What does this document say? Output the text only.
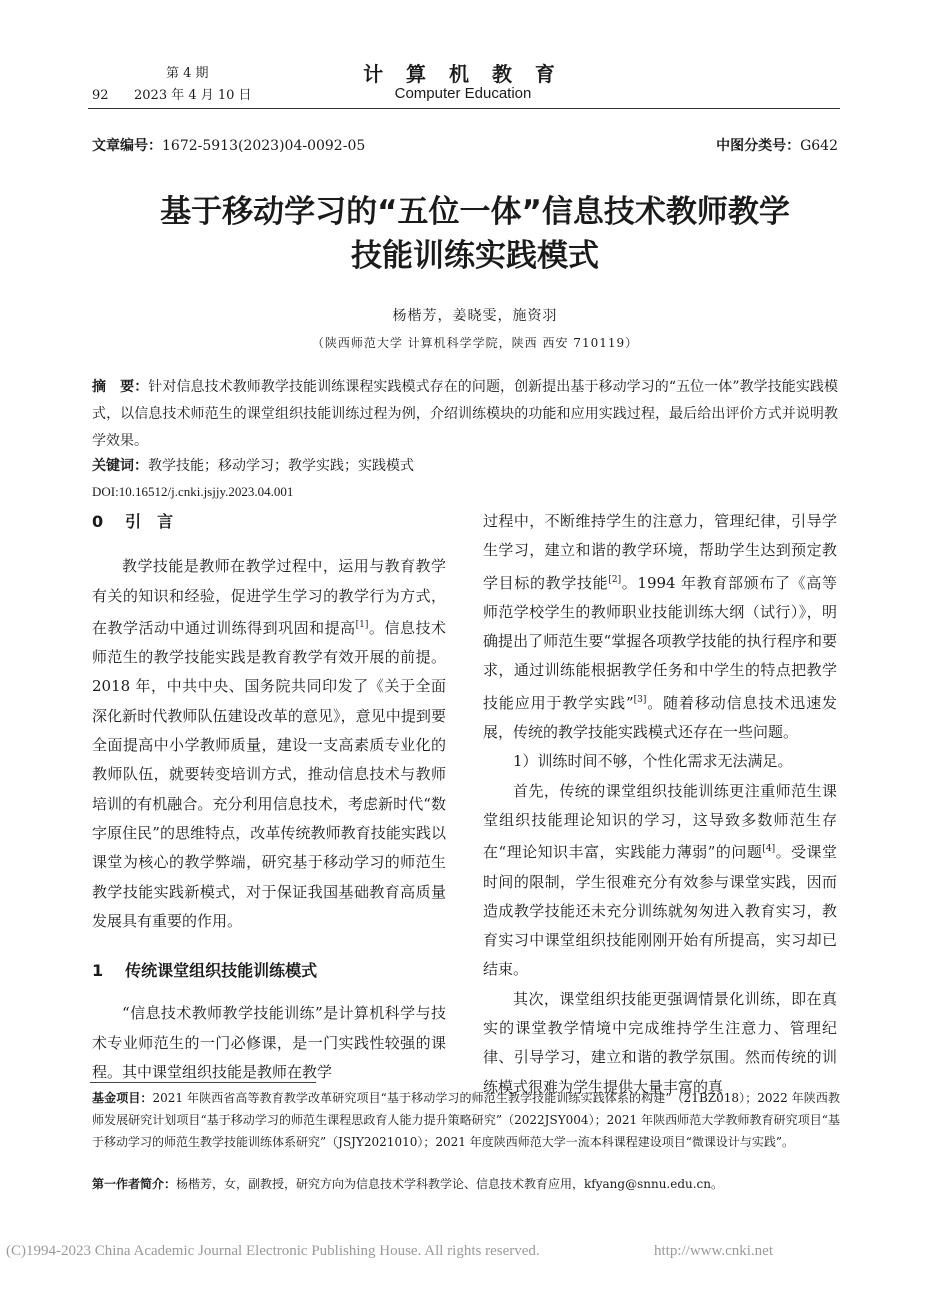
第 4 期
92 2023 年 4 月 10 日
计 算 机 教 育
Computer Education
文章编号：1672-5913(2023)04-0092-05	中图分类号：G642
基于移动学习的“五位一体”信息技术教师教学
技能训练实践模式
杨楷芳，姜晓雯，施资羽
（陕西师范大学 计算机科学学院，陕西 西安 710119）
摘　要：针对信息技术教师教学技能训练课程实践模式存在的问题，创新提出基于移动学习的“五位一体”教学技能实践模式，以信息技术师范生的课堂组织技能训练过程为例，介绍训练模块的功能和应用实践过程，最后给出评价方式并说明教学效果。
关键词：教学技能；移动学习；教学实践；实践模式
DOI:10.16512/j.cnki.jsjjy.2023.04.001
0 引　言

教学技能是教师在教学过程中，运用与教育教学有关的知识和经验，促进学生学习的教学行为方式，在教学活动中通过训练得到巩固和提高[1]。信息技术师范生的教学技能实践是教育教学有效开展的前提。2018 年，中共中央、国务院共同印发了《关于全面深化新时代教师队伍建设改革的意见》，意见中提到要全面提高中小学教师质量，建设一支高素质专业化的教师队伍，就要转变培训方式，推动信息技术与教师培训的有机融合。充分利用信息技术，考虑新时代“数字原住民”的思维特点，改革传统教师教育技能实践以课堂为核心的教学弊端，研究基于移动学习的师范生教学技能实践新模式，对于保证我国基础教育高质量发展具有重要的作用。

1 传统课堂组织技能训练模式

“信息技术教师教学技能训练”是计算机科学与技术专业师范生的一门必修课，是一门实践性较强的课程。其中课堂组织技能是教师在教学

过程中，不断维持学生的注意力，管理纪律，引导学生学习，建立和谐的教学环境，帮助学生达到预定教学目标的教学技能[2]。1994 年教育部颁布了《高等师范学校学生的教师职业技能训练大纲（试行）》，明确提出了师范生要“掌握各项教学技能的执行程序和要求，通过训练能根据教学任务和中学生的特点把教学技能应用于教学实践”[3]。随着移动信息技术迅速发展，传统的教学技能实践模式还存在一些问题。

1）训练时间不够，个性化需求无法满足。

首先，传统的课堂组织技能训练更注重师范生课堂组织技能理论知识的学习，这导致多数师范生存在“理论知识丰富，实践能力薄弱”的问题[4]。受课堂时间的限制，学生很难充分有效参与课堂实践，因而造成教学技能还未充分训练就匆匆进入教育实习，教育实习中课堂组织技能刚刚开始有所提高，实习却已结束。

其次，课堂组织技能更强调情景化训练，即在真实的课堂教学情境中完成维持学生注意力、管理纪律、引导学习，建立和谐的教学氛围。然而传统的训练模式很难为学生提供大量丰富的真

基金项目：2021 年陕西省高等教育教学改革研究项目“基于移动学习的师范生教学技能训练实践体系的构建”（21BZ018）；2022 年陕西教师发展研究计划项目“基于移动学习的师范生课程思政育人能力提升策略研究”（2022JSY004）；2021 年陕西师范大学教师教育研究项目“基于移动学习的师范生教学技能训练体系研究”（JSJY2021010）；2021 年度陕西师范大学一流本科课程建设项目“微课设计与实践”。
第一作者简介：杨楷芳，女，副教授，研究方向为信息技术学科教学论、信息技术教育应用，kfyang@snnu.edu.cn。
(C)1994-2023 China Academic Journal Electronic Publishing House. All rights reserved.	http://www.cnki.net
